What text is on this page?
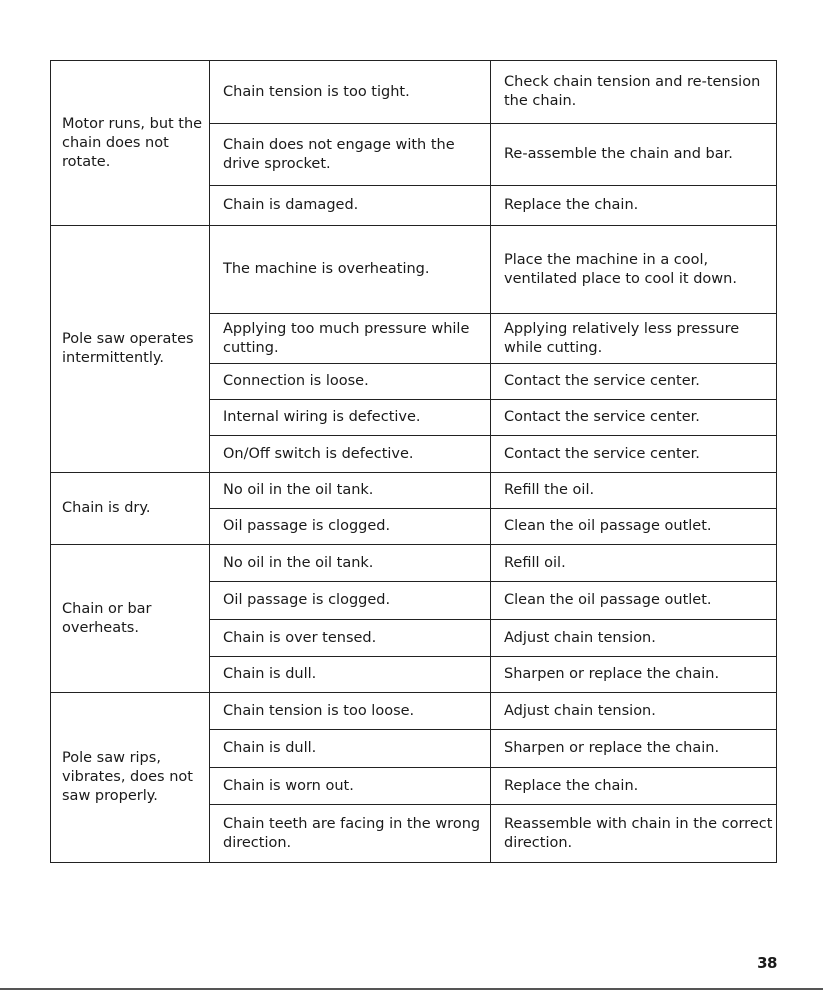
Motor runs, but the chain does not rotate.	Chain tension is too tight.	Check chain tension and re-tension the chain.
	Chain does not engage with the drive sprocket.	Re-assemble the chain and bar.
	Chain is damaged.	Replace the chain.
Pole saw operates intermittently.	The machine is overheating.	Place the machine in a cool, ventilated place to cool it down.
	Applying too much pressure while cutting.	Applying relatively less pressure while cutting.
	Connection is loose.	Contact the service center.
	Internal wiring is defective.	Contact the service center.
	On/Off switch is defective.	Contact the service center.
Chain is dry.	No oil in the oil tank.	Refill the oil.
	Oil passage is clogged.	Clean the oil passage outlet.
Chain or bar overheats.	No oil in the oil tank.	Refill oil.
	Oil passage is clogged.	Clean the oil passage outlet.
	Chain is over tensed.	Adjust chain tension.
	Chain is dull.	Sharpen or replace the chain.
Pole saw rips, vibrates, does not saw properly.	Chain tension is too loose.	Adjust chain tension.
	Chain is dull.	Sharpen or replace the chain.
	Chain is worn out.	Replace the chain.
	Chain teeth are facing in the wrong direction.	Reassemble with chain in the correct direction.
38
